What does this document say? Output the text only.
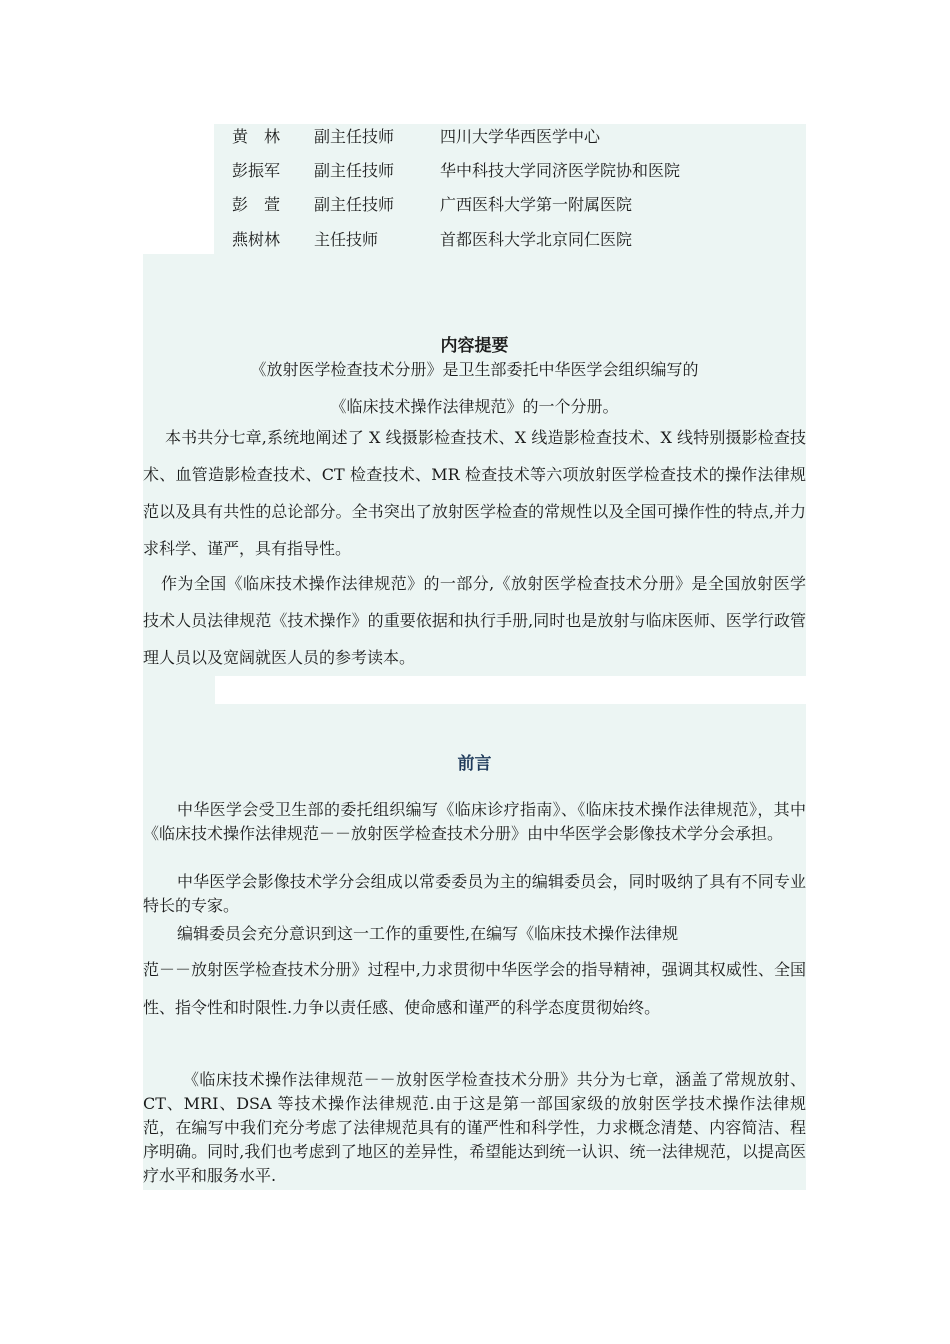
黄　林 副主任技师	四川大学华西医学中心
彭振军 副主任技师	华中科技大学同济医学院协和医院
彭　萱 副主任技师	广西医科大学第一附属医院
燕树林 主任技师	首都医科大学北京同仁医院
内容提要
《放射医学检查技术分册》是卫生部委托中华医学会组织编写的
《临床技术操作法律规范》的一个分册。

本书共分七章,系统地阐述了 X 线摄影检查技术、X 线造影检查技术、X 线特别摄影检查技术、血管造影检查技术、CT 检查技术、MR 检查技术等六项放射医学检查技术的操作法律规范以及具有共性的总论部分。全书突出了放射医学检查的常规性以及全国可操作性的特点,并力求科学、谨严，具有指导性。

作为全国《临床技术操作法律规范》的一部分,《放射医学检查技术分册》是全国放射医学技术人员法律规范《技术操作》的重要依据和执行手册,同时也是放射与临床医师、医学行政管理人员以及宽阔就医人员的参考读本。

前言

中华医学会受卫生部的委托组织编写《临床诊疗指南》、《临床技术操作法律规范》，其中《临床技术操作法律规范－－放射医学检查技术分册》由中华医学会影像技术学分会承担。

中华医学会影像技术学分会组成以常委委员为主的编辑委员会，同时吸纳了具有不同专业特长的专家。

编辑委员会充分意识到这一工作的重要性,在编写《临床技术操作法律规

范－－放射医学检查技术分册》过程中,力求贯彻中华医学会的指导精神，强调其权威性、全国性、指令性和时限性.力争以责任感、使命感和谨严的科学态度贯彻始终。

《临床技术操作法律规范－－放射医学检查技术分册》共分为七章，涵盖了常规放射、CT、MRI、DSA 等技术操作法律规范.由于这是第一部国家级的放射医学技术操作法律规范，在编写中我们充分考虑了法律规范具有的谨严性和科学性，力求概念清楚、内容简洁、程序明确。同时,我们也考虑到了地区的差异性，希望能达到统一认识、统一法律规范，以提高医疗水平和服务水平.
